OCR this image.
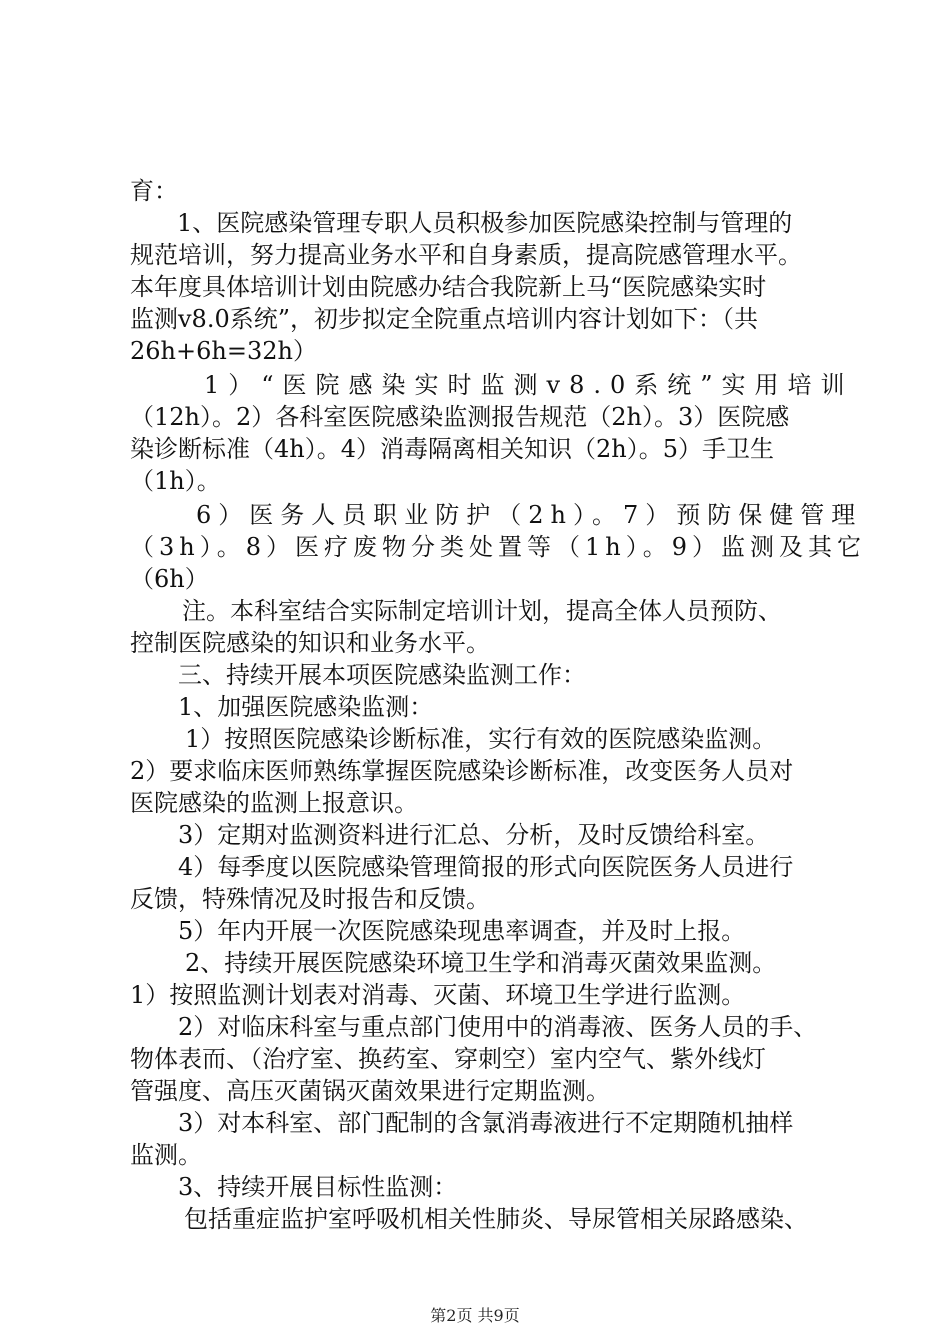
育：

1、医院感染管理专职人员积极参加医院感染控制与管理的

规范培训，努力提高业务水平和自身素质，提高院感管理水平。

本年度具体培训计划由院感办结合我院新上马“医院感染实时

监测v8.0系统”，初步拟定全院重点培训内容计划如下：（共

26h+6h=32h）

1）“医院感染实时监测v8.0系统”实用培训

（12h）。2）各科室医院感染监测报告规范（2h）。3）医院感

染诊断标准（4h）。4）消毒隔离相关知识（2h）。5）手卫生

（1h）。

6）医务人员职业防护（2h）。7）预防保健管理

（3h）。8）医疗废物分类处置等（1h）。9）监测及其它

（6h）

注。本科室结合实际制定培训计划，提高全体人员预防、

控制医院感染的知识和业务水平。

三、持续开展本项医院感染监测工作：

1、加强医院感染监测：

1）按照医院感染诊断标准，实行有效的医院感染监测。

2）要求临床医师熟练掌握医院感染诊断标准，改变医务人员对

医院感染的监测上报意识。

3）定期对监测资料进行汇总、分析，及时反馈给科室。

4）每季度以医院感染管理简报的形式向医院医务人员进行

反馈，特殊情况及时报告和反馈。

5）年内开展一次医院感染现患率调查，并及时上报。

2、持续开展医院感染环境卫生学和消毒灭菌效果监测。

1）按照监测计划表对消毒、灭菌、环境卫生学进行监测。

2）对临床科室与重点部门使用中的消毒液、医务人员的手、

物体表而、（治疗室、换药室、穿刺空）室内空气、紫外线灯

管强度、高压灭菌锅灭菌效果进行定期监测。

3）对本科室、部门配制的含氯消毒液进行不定期随机抽样

监测。

3、持续开展目标性监测：

包括重症监护室呼吸机相关性肺炎、导尿管相关尿路感染、

第2页 共9页
